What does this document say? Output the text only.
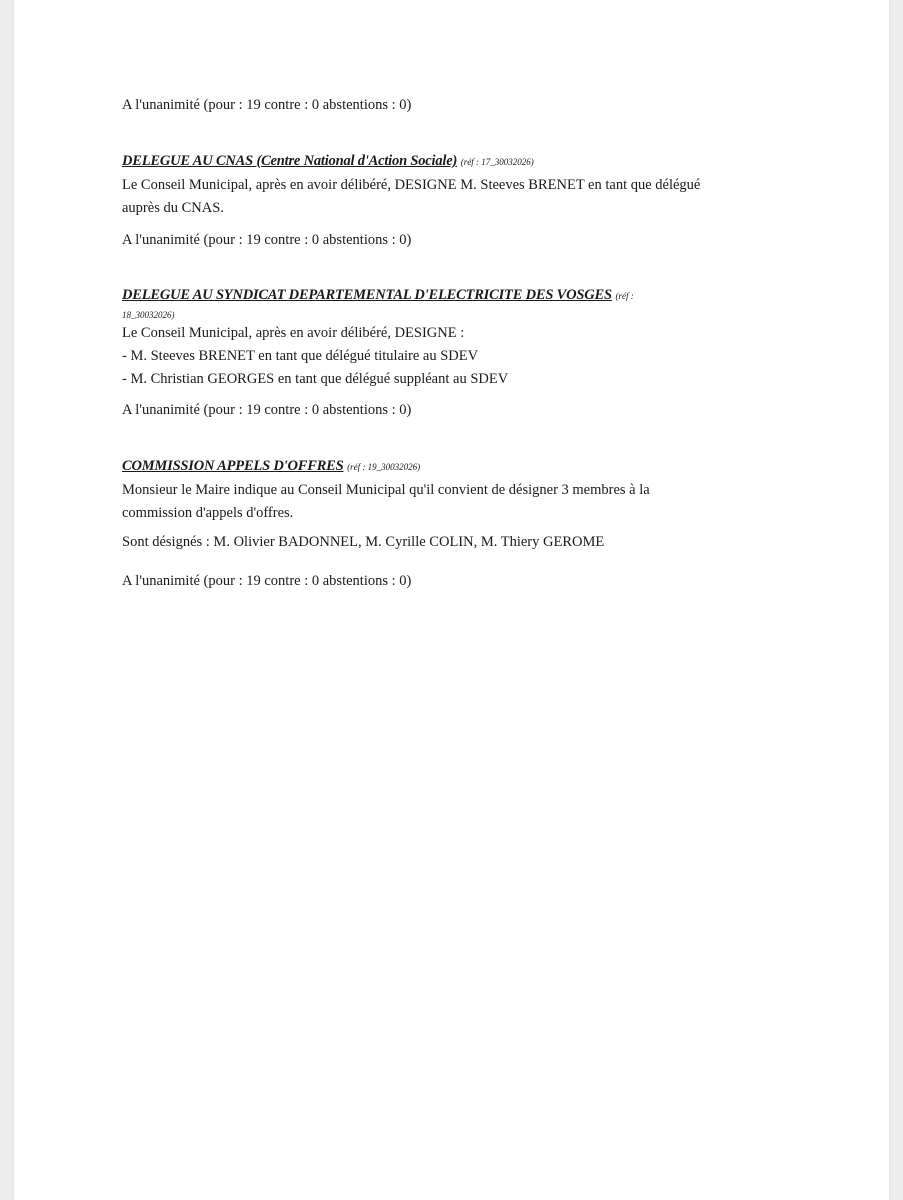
A l'unanimité (pour : 19 contre : 0 abstentions : 0)
DELEGUE AU CNAS (Centre National d'Action Sociale) (réf : 17_30032026)
Le Conseil Municipal, après en avoir délibéré, DESIGNE M. Steeves BRENET en tant que délégué
auprès du CNAS.
A l'unanimité (pour : 19 contre : 0 abstentions : 0)
DELEGUE AU SYNDICAT DEPARTEMENTAL D'ELECTRICITE DES VOSGES (réf :
18_30032026)
Le Conseil Municipal, après en avoir délibéré, DESIGNE :
- M. Steeves BRENET en tant que délégué titulaire au SDEV
- M. Christian GEORGES en tant que délégué suppléant au SDEV
A l'unanimité (pour : 19 contre : 0 abstentions : 0)
COMMISSION APPELS D'OFFRES (réf : 19_30032026)
Monsieur le Maire indique au Conseil Municipal qu'il convient de désigner 3 membres à la
commission d'appels d'offres.
Sont désignés : M. Olivier BADONNEL, M. Cyrille COLIN, M. Thiery GEROME
A l'unanimité (pour : 19 contre : 0 abstentions : 0)
